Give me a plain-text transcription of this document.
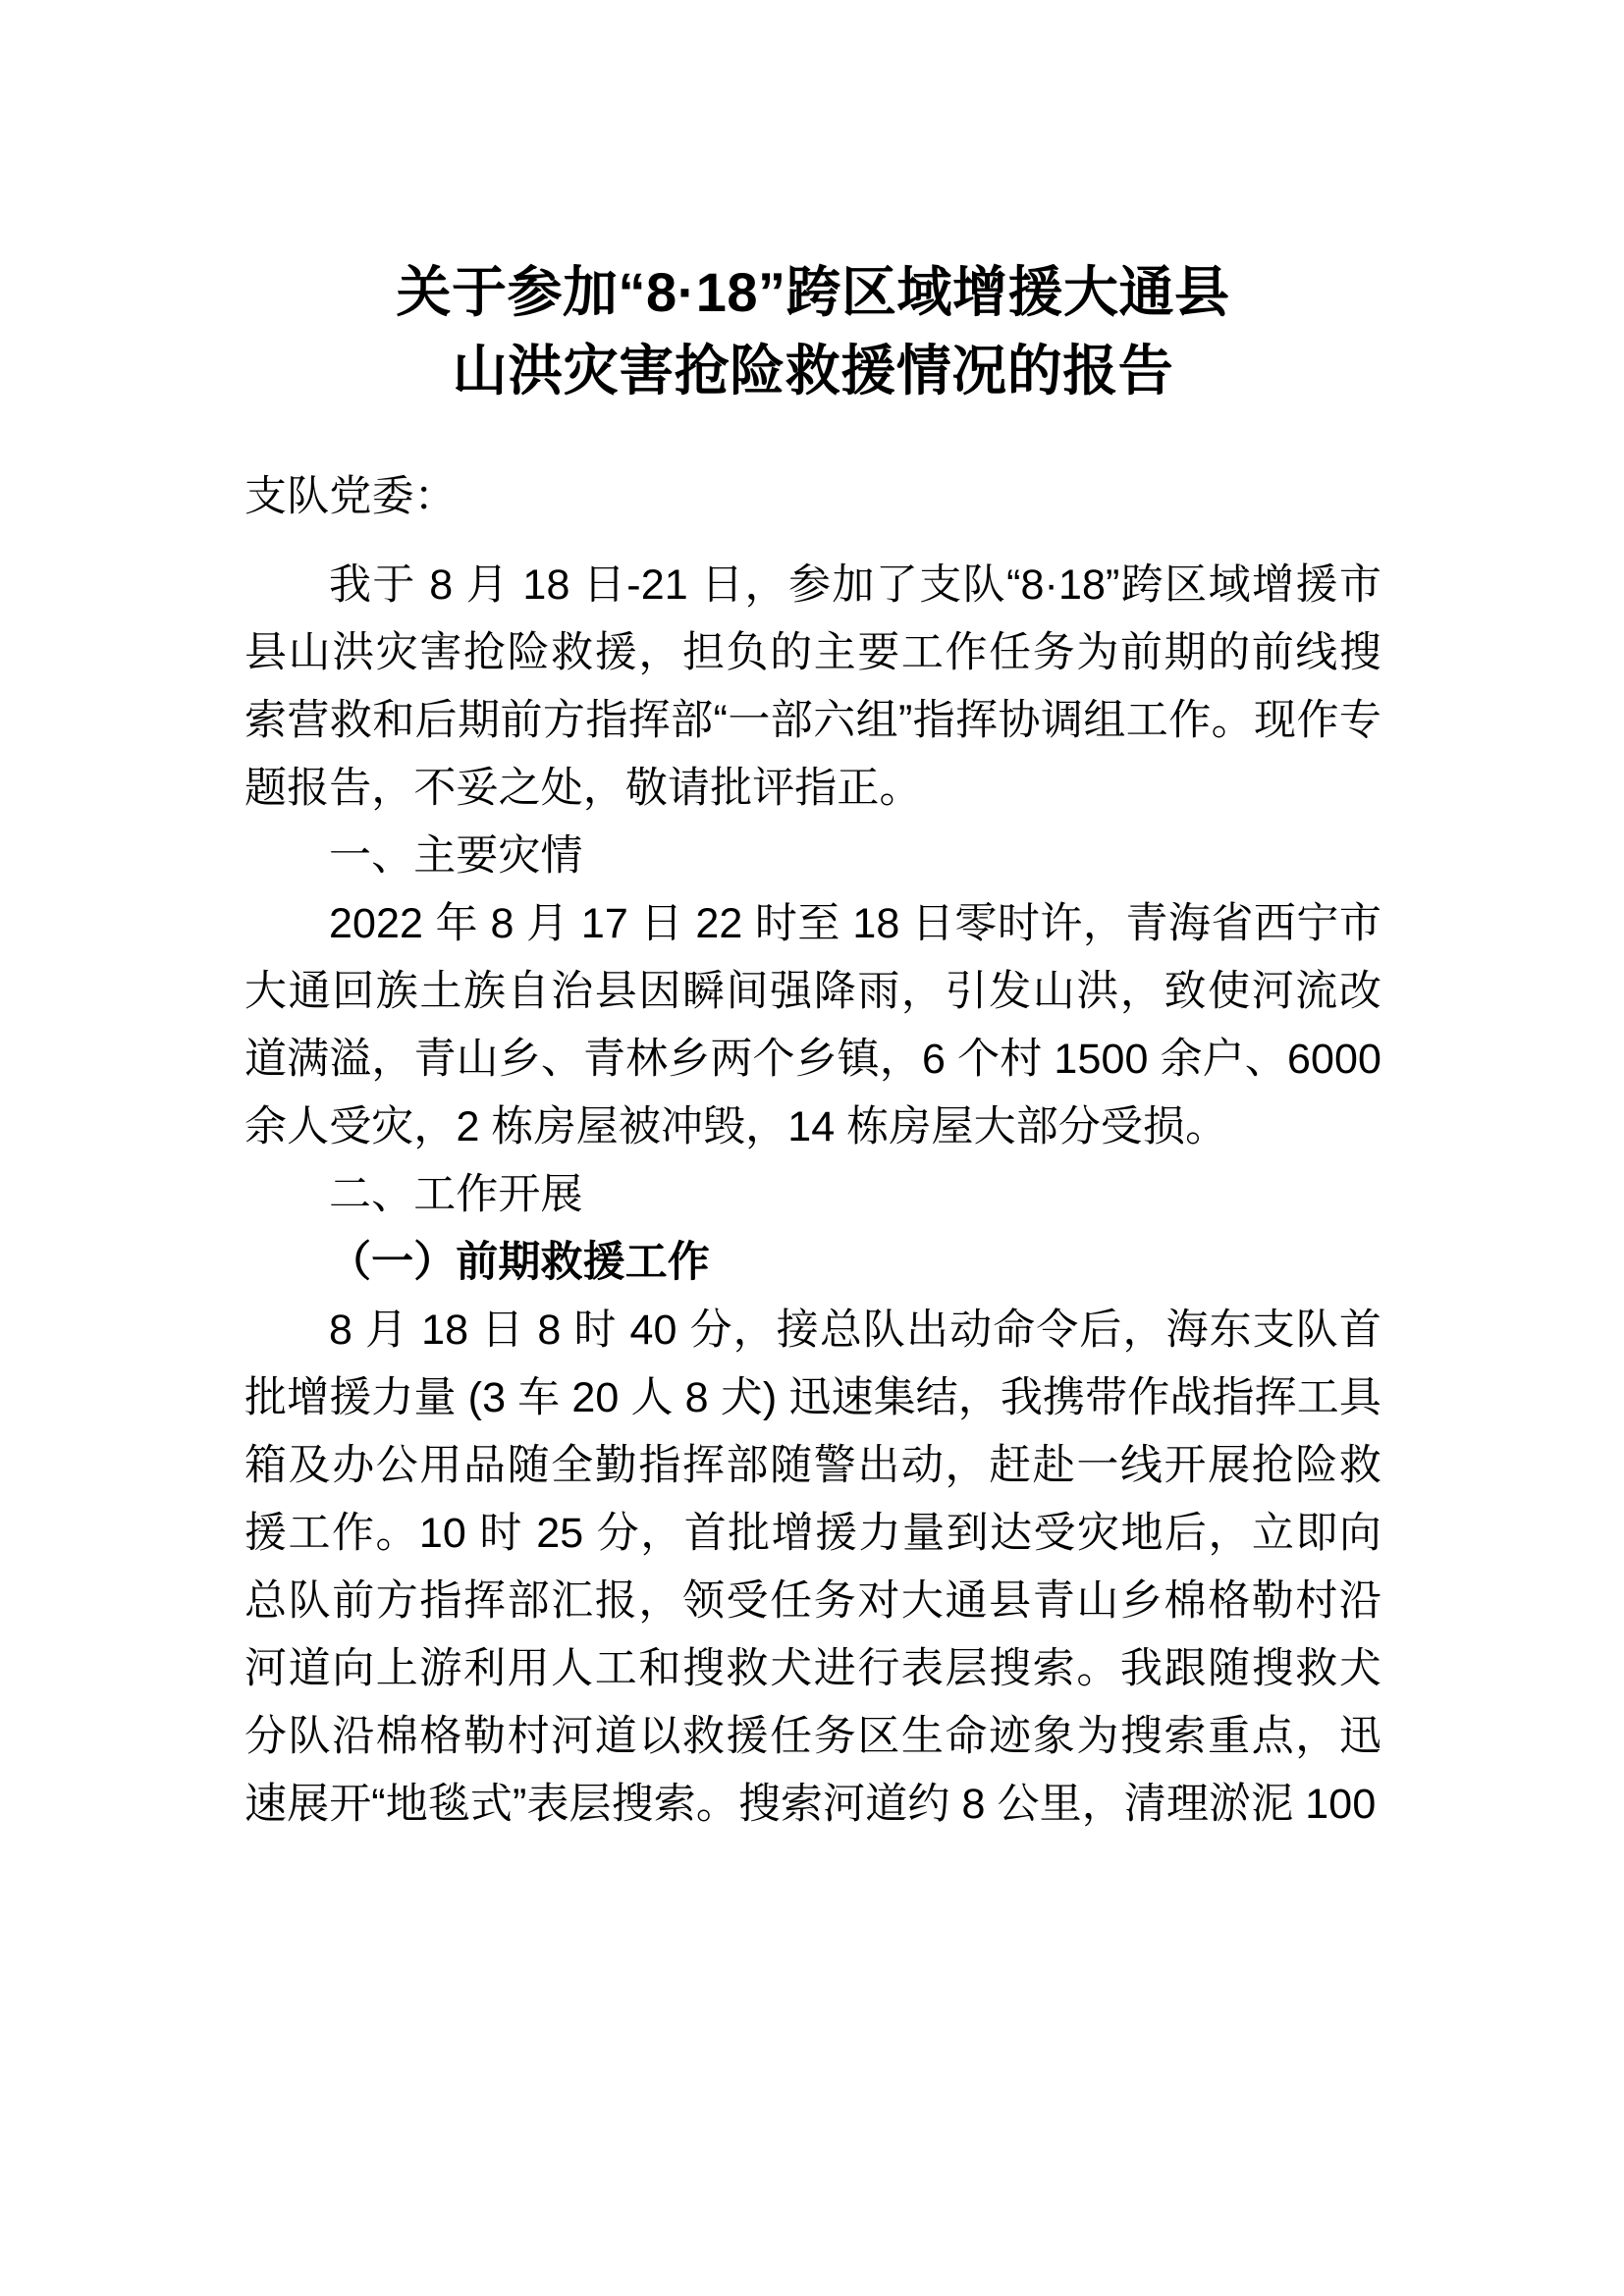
关于参加“8·18”跨区域增援大通县
山洪灾害抢险救援情况的报告

支队党委：

我于 8 月 18 日-21 日，参加了支队“8·18”跨区域增援市县山洪灾害抢险救援，担负的主要工作任务为前期的前线搜索营救和后期前方指挥部“一部六组”指挥协调组工作。现作专题报告，不妥之处，敬请批评指正。

一、主要灾情

2022 年 8 月 17 日 22 时至 18 日零时许，青海省西宁市大通回族土族自治县因瞬间强降雨，引发山洪，致使河流改道满溢，青山乡、青林乡两个乡镇，6 个村 1500 余户、6000 余人受灾，2 栋房屋被冲毁，14 栋房屋大部分受损。

二、工作开展

（一）前期救援工作

8 月 18 日 8 时 40 分，接总队出动命令后，海东支队首批增援力量 (3 车 20 人 8 犬) 迅速集结，我携带作战指挥工具箱及办公用品随全勤指挥部随警出动，赶赴一线开展抢险救援工作。10 时 25 分，首批增援力量到达受灾地后，立即向总队前方指挥部汇报，领受任务对大通县青山乡棉格勒村沿河道向上游利用人工和搜救犬进行表层搜索。我跟随搜救犬分队沿棉格勒村河道以救援任务区生命迹象为搜索重点，迅速展开“地毯式”表层搜索。搜索河道约 8 公里，清理淤泥 100
